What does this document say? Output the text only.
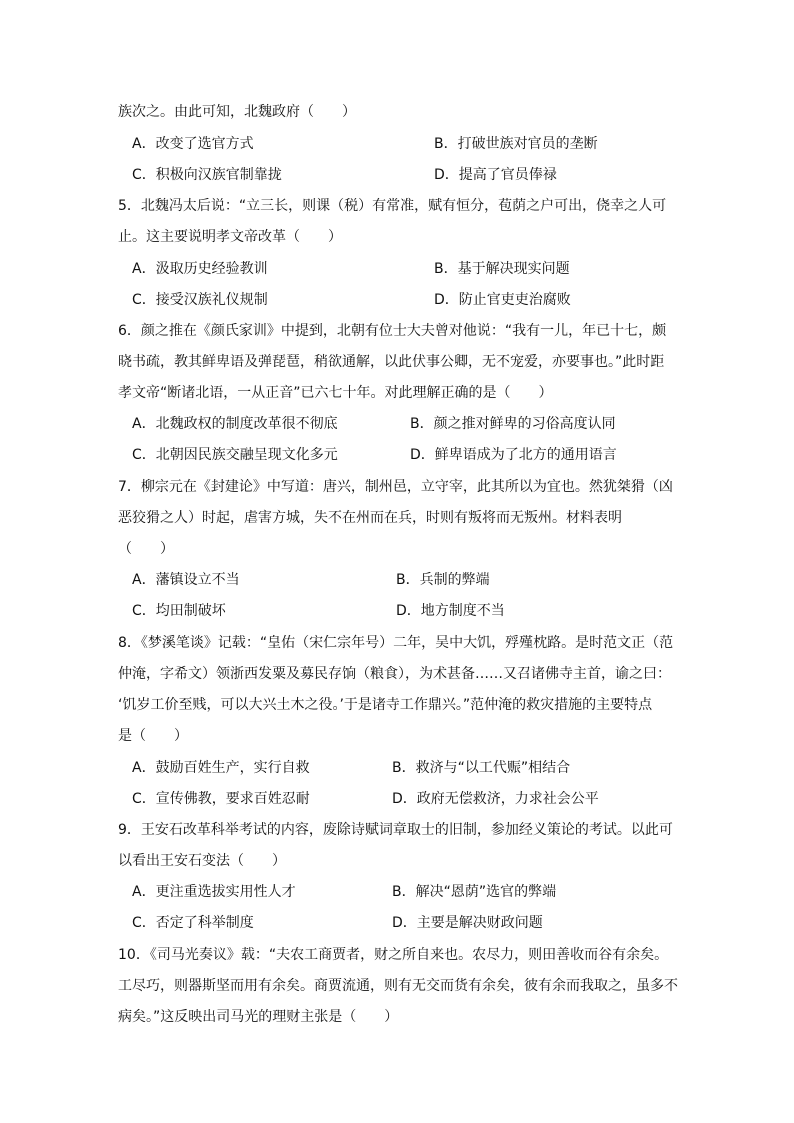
族次之。由此可知，北魏政府（　　）
A．改变了选官方式	B．打破世族对官员的垄断
C．积极向汉族官制靠拢	D．提高了官员俸禄
5．北魏冯太后说：“立三长，则课（税）有常准，赋有恒分，苞荫之户可出，侥幸之人可
止。这主要说明孝文帝改革（　　）
A．汲取历史经验教训	B．基于解决现实问题
C．接受汉族礼仪规制	D．防止官吏吏治腐败
6．颜之推在《颜氏家训》中提到，北朝有位士大夫曾对他说：“我有一儿，年已十七，颇
晓书疏，教其鲜卑语及弹琵琶，稍欲通解，以此伏事公卿，无不宠爱，亦要事也。”此时距
孝文帝“断诸北语，一从正音”已六七十年。对此理解正确的是（　　）
A．北魏政权的制度改革很不彻底	B．颜之推对鲜卑的习俗高度认同
C．北朝因民族交融呈现文化多元	D．鲜卑语成为了北方的通用语言
7．柳宗元在《封建论》中写道：唐兴，制州邑，立守宰，此其所以为宜也。然犹桀猾（凶
恶狡猾之人）时起，虐害方城，失不在州而在兵，时则有叛将而无叛州。材料表明
（　　）
A．藩镇设立不当	B．兵制的弊端
C．均田制破坏	D．地方制度不当
8．《梦溪笔谈》记载：“皇佑（宋仁宗年号）二年，吴中大饥，殍殣枕路。是时范文正（范
仲淹，字希文）领浙西发粟及募民存饷（粮食），为术甚备……又召诸佛寺主首，谕之曰：
‘饥岁工价至贱，可以大兴土木之役。’于是诸寺工作鼎兴。”范仲淹的救灾措施的主要特点
是（　　）
A．鼓励百姓生产，实行自救	B．救济与“以工代赈”相结合
C．宣传佛教，要求百姓忍耐	D．政府无偿救济，力求社会公平
9．王安石改革科举考试的内容，废除诗赋词章取士的旧制，参加经义策论的考试。以此可
以看出王安石变法（　　）
A．更注重选拔实用性人才	B．解决“恩荫”选官的弊端
C．否定了科举制度	D．主要是解决财政问题
10．《司马光奏议》载：“夫农工商贾者，财之所自来也。农尽力，则田善收而谷有余矣。
工尽巧，则器斯坚而用有余矣。商贾流通，则有无交而货有余矣，彼有余而我取之，虽多不
病矣。”这反映出司马光的理财主张是（　　）
